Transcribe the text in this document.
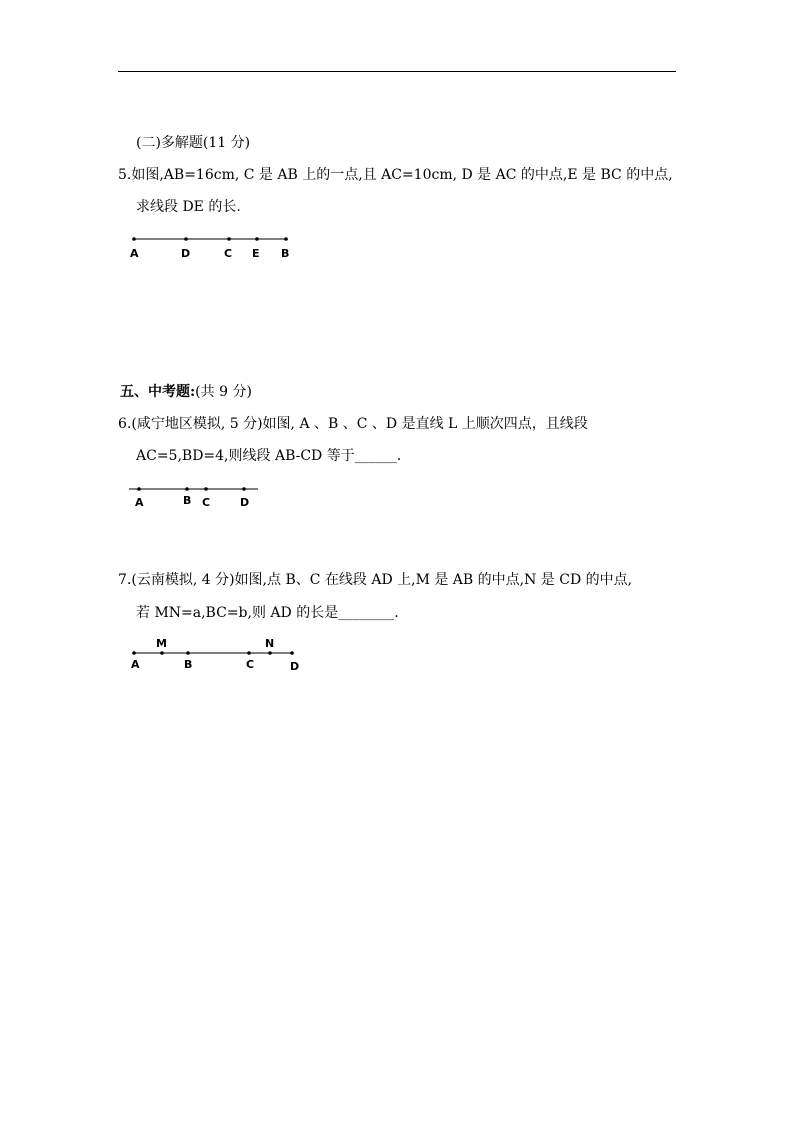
(二)多解题(11 分)
5.如图,AB=16cm, C 是 AB 上的一点,且 AC=10cm, D 是 AC 的中点,E 是 BC 的中点,
求线段 DE 的长.
A	D	C E B
五、中考题:(共 9 分)
6.(咸宁地区模拟, 5 分)如图, A 、B 、C 、D 是直线 L 上顺次四点，且线段
AC=5,BD=4,则线段 AB-CD 等于______.
A	B C	D
7.(云南模拟, 4 分)如图,点 B、C 在线段 AD 上,M 是 AB 的中点,N 是 CD 的中点,
若 MN=a,BC=b,则 AD 的长是________.
M	N
A	B	C	D
